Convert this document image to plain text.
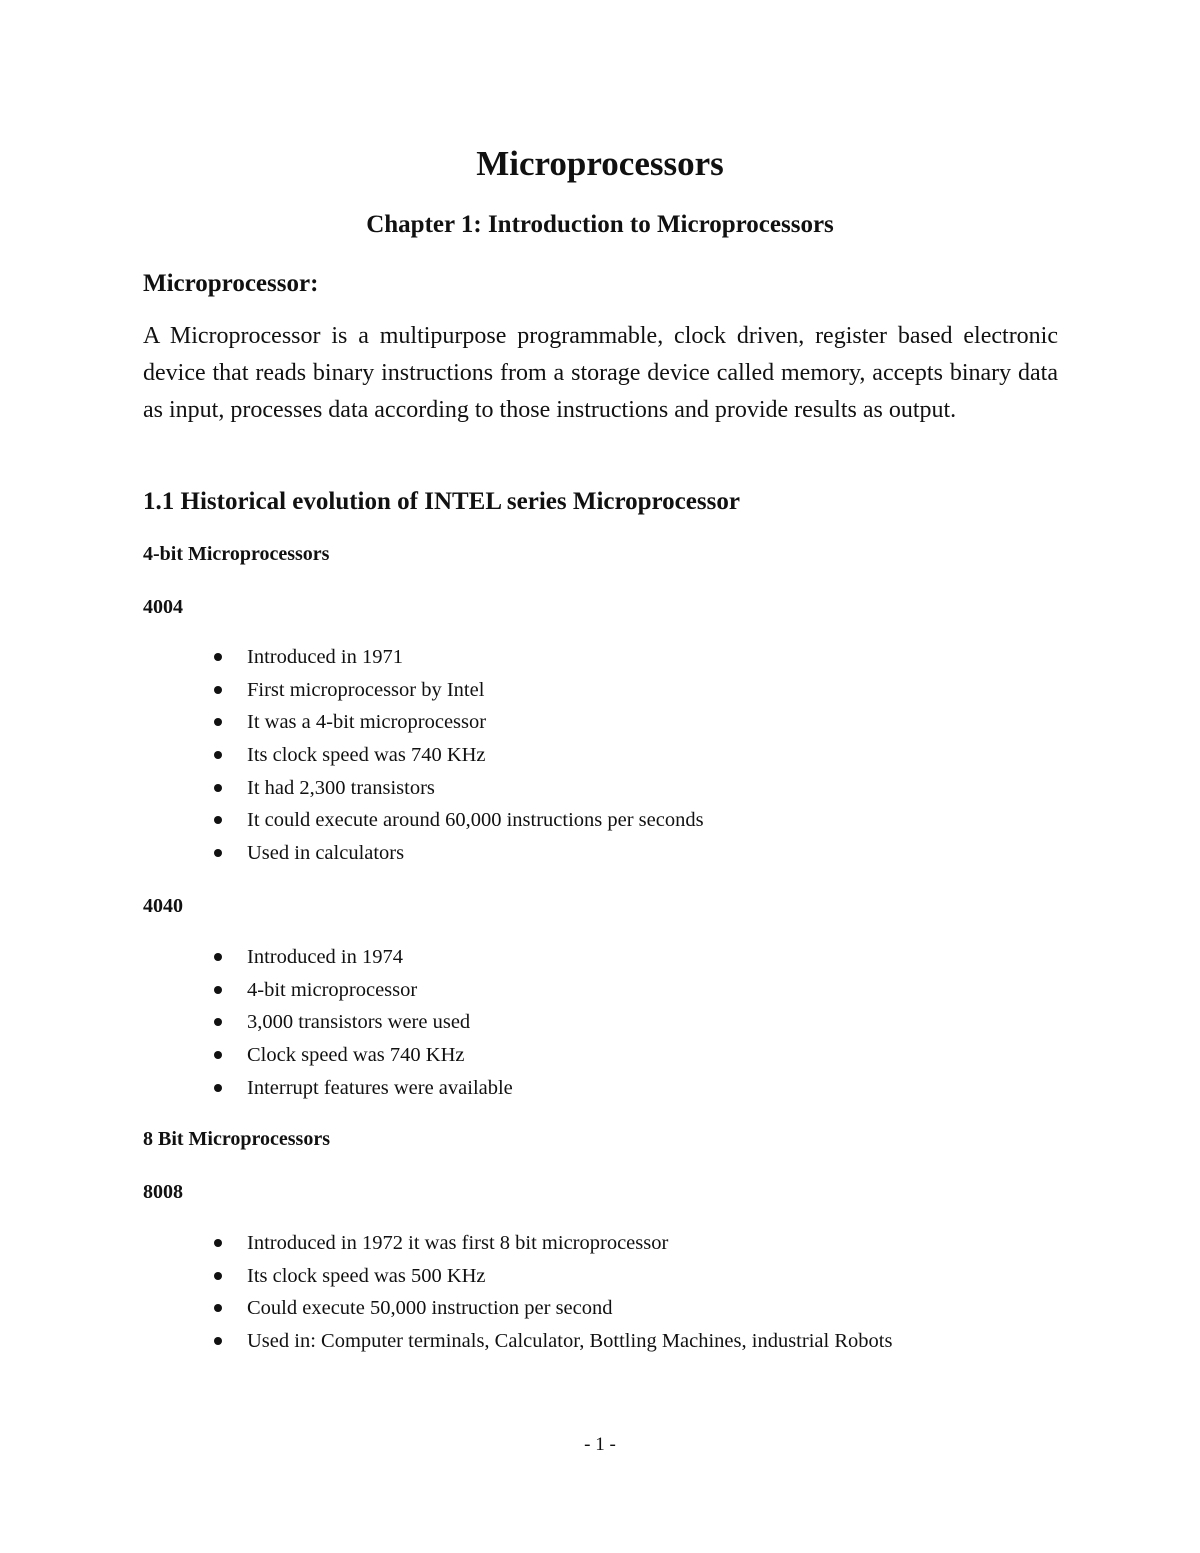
Microprocessors
Chapter 1: Introduction to Microprocessors
Microprocessor:

A Microprocessor is a multipurpose programmable, clock driven, register based electronic device that reads binary instructions from a storage device called memory, accepts binary data as input, processes data according to those instructions and provide results as output.

1.1 Historical evolution of INTEL series Microprocessor
4-bit Microprocessors
4004
Introduced in 1971
First microprocessor by Intel
It was a 4-bit microprocessor
Its clock speed was 740 KHz
It had 2,300 transistors
It could execute around 60,000 instructions per seconds
Used in calculators
4040
Introduced in 1974
4-bit microprocessor
3,000 transistors were used
Clock speed was 740 KHz
Interrupt features were available
8 Bit Microprocessors
8008
Introduced in 1972 it was first 8 bit microprocessor
Its clock speed was 500 KHz
Could execute 50,000 instruction per second
Used in: Computer terminals, Calculator, Bottling Machines, industrial Robots

- 1 -
